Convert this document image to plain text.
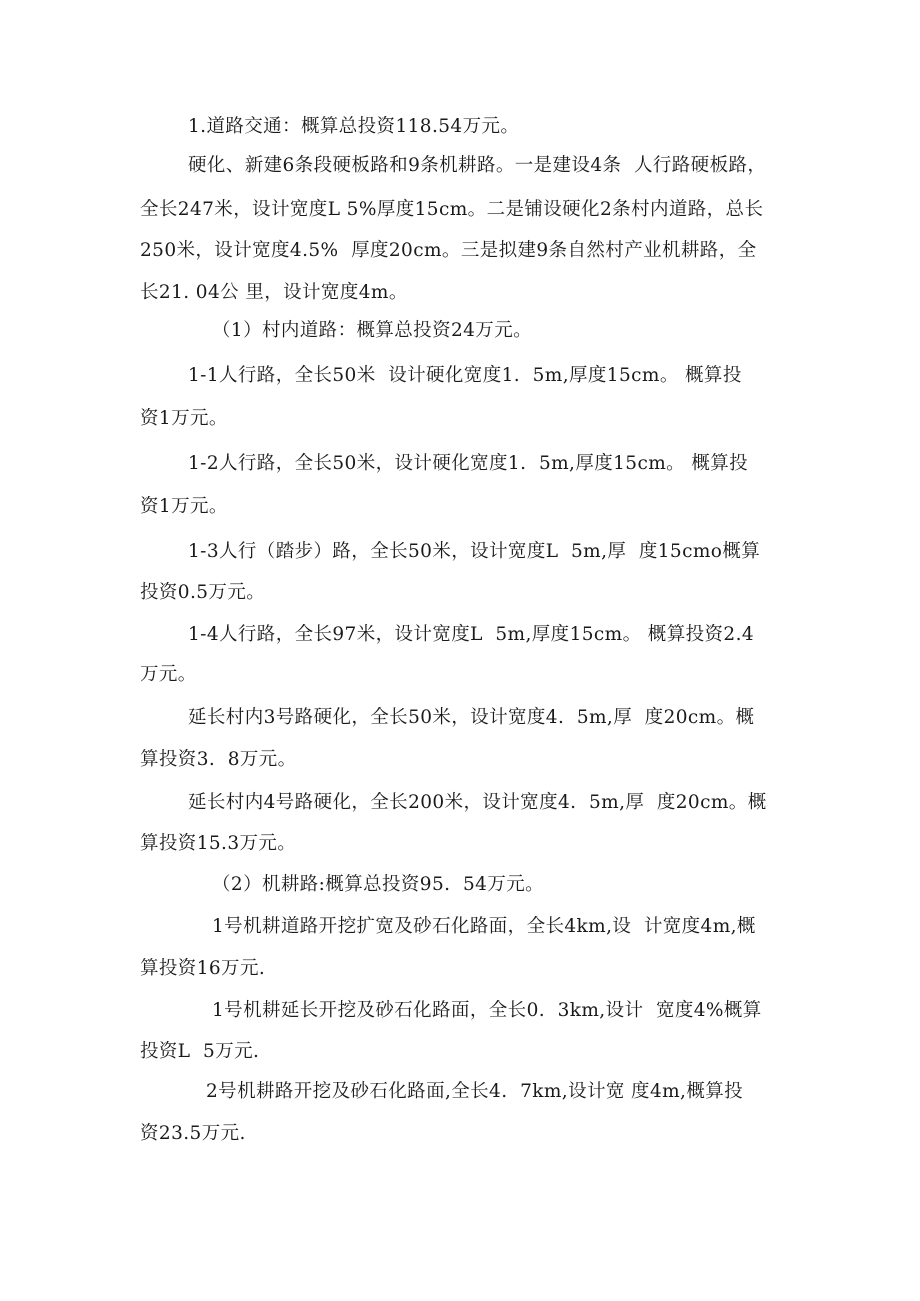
1.道路交通：概算总投资118.54万元。
硬化、新建6条段硬板路和9条机耕路。一是建设4条  人行路硬板路，
全长247米，设计宽度L 5%厚度15cm。二是铺设硬化2条村内道路，总长
250米，设计宽度4.5%  厚度20cm。三是拟建9条自然村产业机耕路，全
长21. 04公 里，设计宽度4m。
（1）村内道路：概算总投资24万元。
1-1人行路，全长50米  设计硬化宽度1.  5m,厚度15cm。 概算投
资1万元。
1-2人行路，全长50米，设计硬化宽度1.  5m,厚度15cm。 概算投
资1万元。
1-3人行（踏步）路，全长50米，设计宽度L  5m,厚  度15cmo概算
投资0.5万元。
1-4人行路，全长97米，设计宽度L  5m,厚度15cm。 概算投资2.4
万元。
延长村内3号路硬化，全长50米，设计宽度4.  5m,厚  度20cm。概
算投资3.  8万元。
延长村内4号路硬化，全长200米，设计宽度4.  5m,厚  度20cm。概
算投资15.3万元。
（2）机耕路:概算总投资95.  54万元。
1号机耕道路开挖扩宽及砂石化路面，全长4km,设  计宽度4m,概
算投资16万元.
1号机耕延长开挖及砂石化路面，全长0.  3km,设计  宽度4%概算
投资L  5万元.
2号机耕路开挖及砂石化路面,全长4.  7km,设计宽 度4m,概算投
资23.5万元.
